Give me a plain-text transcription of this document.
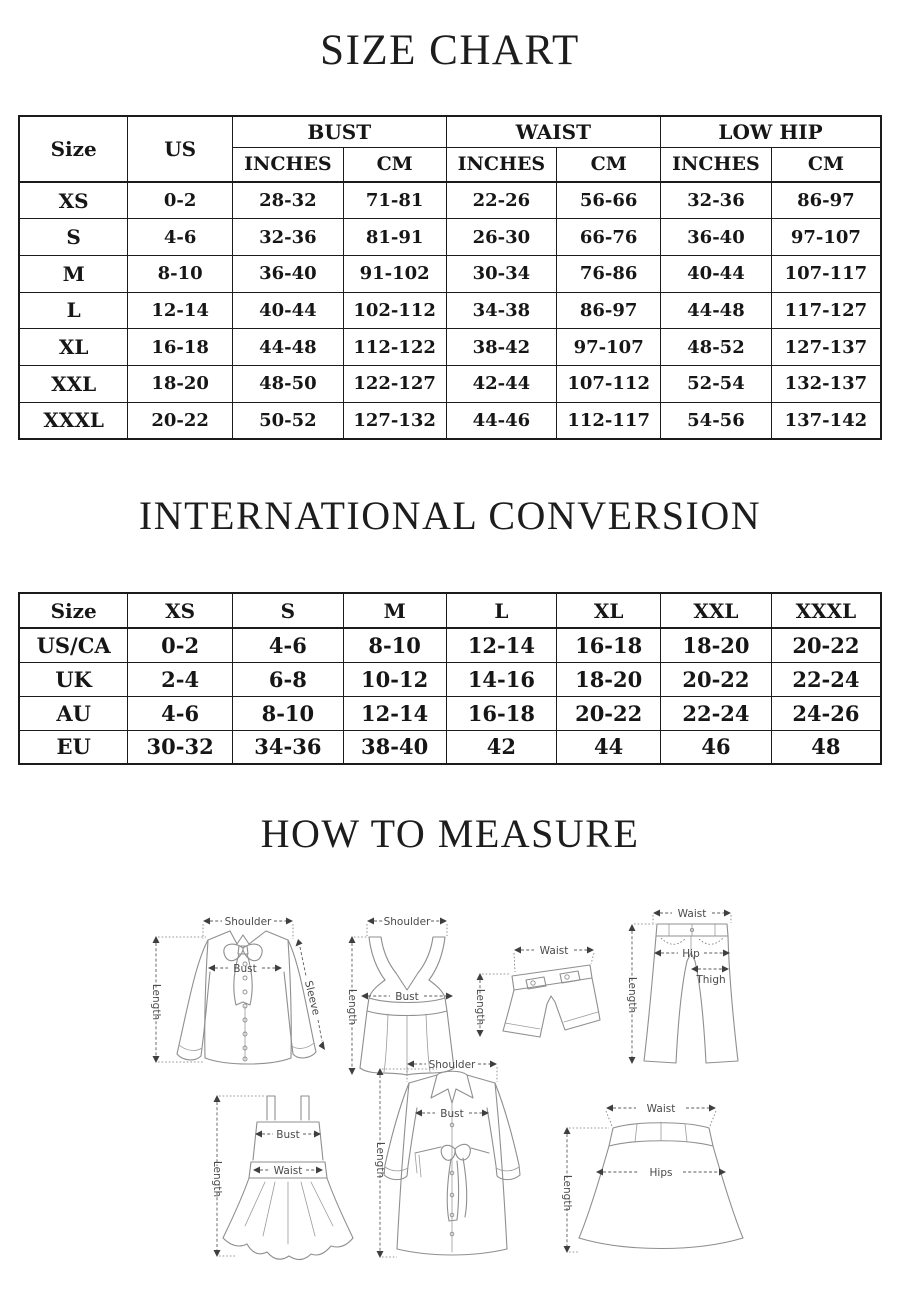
SIZE CHART
Size	US	BUST		WAIST		LOW HIP	
		INCHES	CM	INCHES	CM	INCHES	CM
XS	0-2	28-32	71-81	22-26	56-66	32-36	86-97
S	4-6	32-36	81-91	26-30	66-76	36-40	97-107
M	8-10	36-40	91-102	30-34	76-86	40-44	107-117
L	12-14	40-44	102-112	34-38	86-97	44-48	117-127
XL	16-18	44-48	112-122	38-42	97-107	48-52	127-137
XXL	18-20	48-50	122-127	42-44	107-112	52-54	132-137
XXXL	20-22	50-52	127-132	44-46	112-117	54-56	137-142
INTERNATIONAL CONVERSION
Size	XS	S	M	L	XL	XXL	XXXL
US/CA	0-2	4-6	8-10	12-14	16-18	18-20	20-22
UK	2-4	6-8	10-12	14-16	18-20	20-22	22-24
AU	4-6	8-10	12-14	16-18	20-22	22-24	24-26
EU	30-32	34-36	38-40	42	44	46	48
HOW TO MEASURE
Shoulder
Length
Bust
Sleeve
Shoulder
Length	Bust
Waist
Length
Waist
Length
Hip
Thigh
Length
Bust
Waist
Shoulder
Length
Bust	Waist
Length
Hips
